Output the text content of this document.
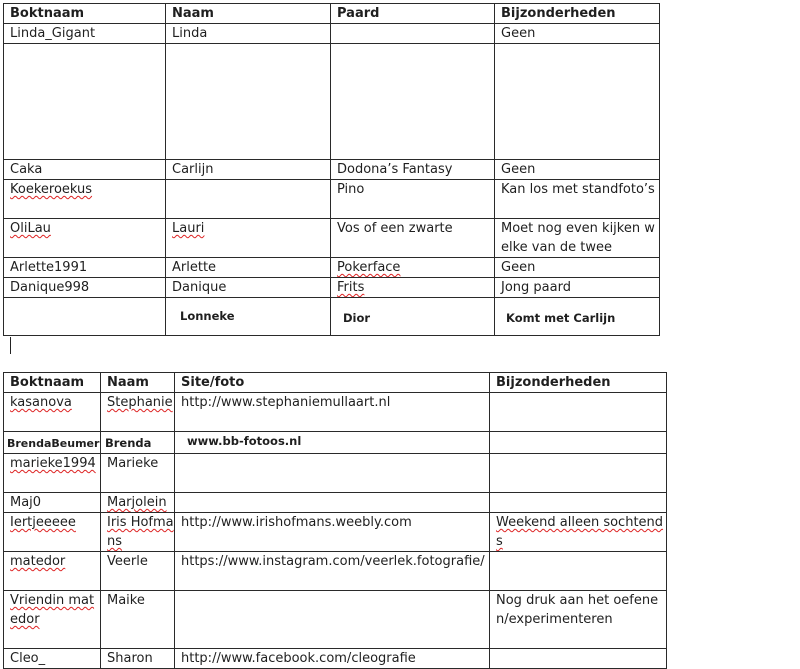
Boktnaam	Naam	Paard	Bijzonderheden
Linda_Gigant	Linda		Geen

Caka	Carlijn	Dodona’s Fantasy	Geen
Koekeroekus		Pino	Kan los met standfoto’s
OliLau	Lauri	Vos of een zwarte	Moet nog even kijken welke van de twee
Arlette1991	Arlette	Pokerface	Geen
Danique998	Danique	Frits	Jong paard
	Lonneke	Dior	Komt met Carlijn
Boktnaam	Naam	Site/foto	Bijzonderheden
kasanova	Stephanie	http://www.stephaniemullaart.nl	
BrendaBeumer	Brenda	www.bb-fotoos.nl	
marieke1994	Marieke		
Maj0	Marjolein		
Iertjeeeee	Iris Hofmans	http://www.irishofmans.weebly.com	Weekend alleen sochtends
matedor	Veerle	https://www.instagram.com/veerlek.fotografie/	
Vriendin matedor	Maike		Nog druk aan het oefenen/experimenteren
Cleo_	Sharon	http://www.facebook.com/cleografie	
